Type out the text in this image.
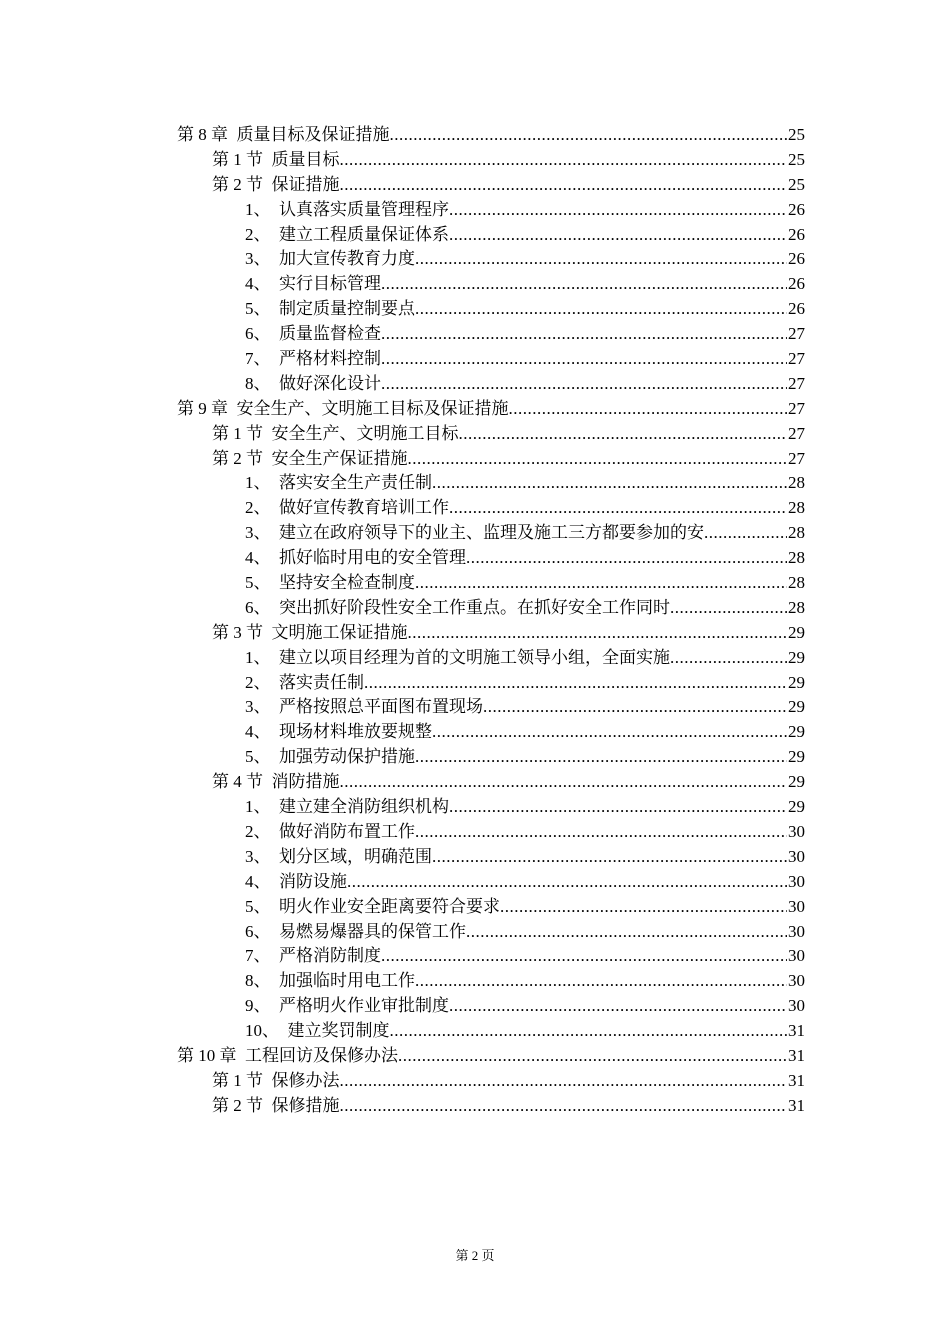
第 8 章  质量目标及保证措施 .....	25
第 1 节  质量目标 .....	25
第 2 节  保证措施 .....	25
1、  认真落实质量管理程序 .....	26
2、  建立工程质量保证体系 .....	26
3、  加大宣传教育力度 .....	26
4、  实行目标管理 .....	26
5、  制定质量控制要点 .....	26
6、  质量监督检查 .....	27
7、  严格材料控制 .....	27
8、  做好深化设计 .....	27
第 9 章  安全生产、文明施工目标及保证措施 .....	27
第 1 节  安全生产、文明施工目标 .....	27
第 2 节  安全生产保证措施 .....	27
1、  落实安全生产责任制 .....	28
2、  做好宣传教育培训工作 .....	28
3、  建立在政府领导下的业主、监理及施工三方都要参加的安 .....	28
4、  抓好临时用电的安全管理 .....	28
5、  坚持安全检查制度 .....	28
6、  突出抓好阶段性安全工作重点。在抓好安全工作同时 .....	28
第 3 节  文明施工保证措施 .....	29
1、  建立以项目经理为首的文明施工领导小组，全面实施 .....	29
2、  落实责任制 .....	29
3、  严格按照总平面图布置现场 .....	29
4、  现场材料堆放要规整 .....	29
5、  加强劳动保护措施 .....	29
第 4 节  消防措施 .....	29
1、  建立建全消防组织机构 .....	29
2、  做好消防布置工作 .....	30
3、  划分区域，明确范围 .....	30
4、  消防设施 .....	30
5、  明火作业安全距离要符合要求 .....	30
6、  易燃易爆器具的保管工作 .....	30
7、  严格消防制度 .....	30
8、  加强临时用电工作 .....	30
9、  严格明火作业审批制度 .....	30
10、  建立奖罚制度 .....	31
第 10 章  工程回访及保修办法 .....	31
第 1 节  保修办法 .....	31
第 2 节  保修措施 .....	31
第 2 页
